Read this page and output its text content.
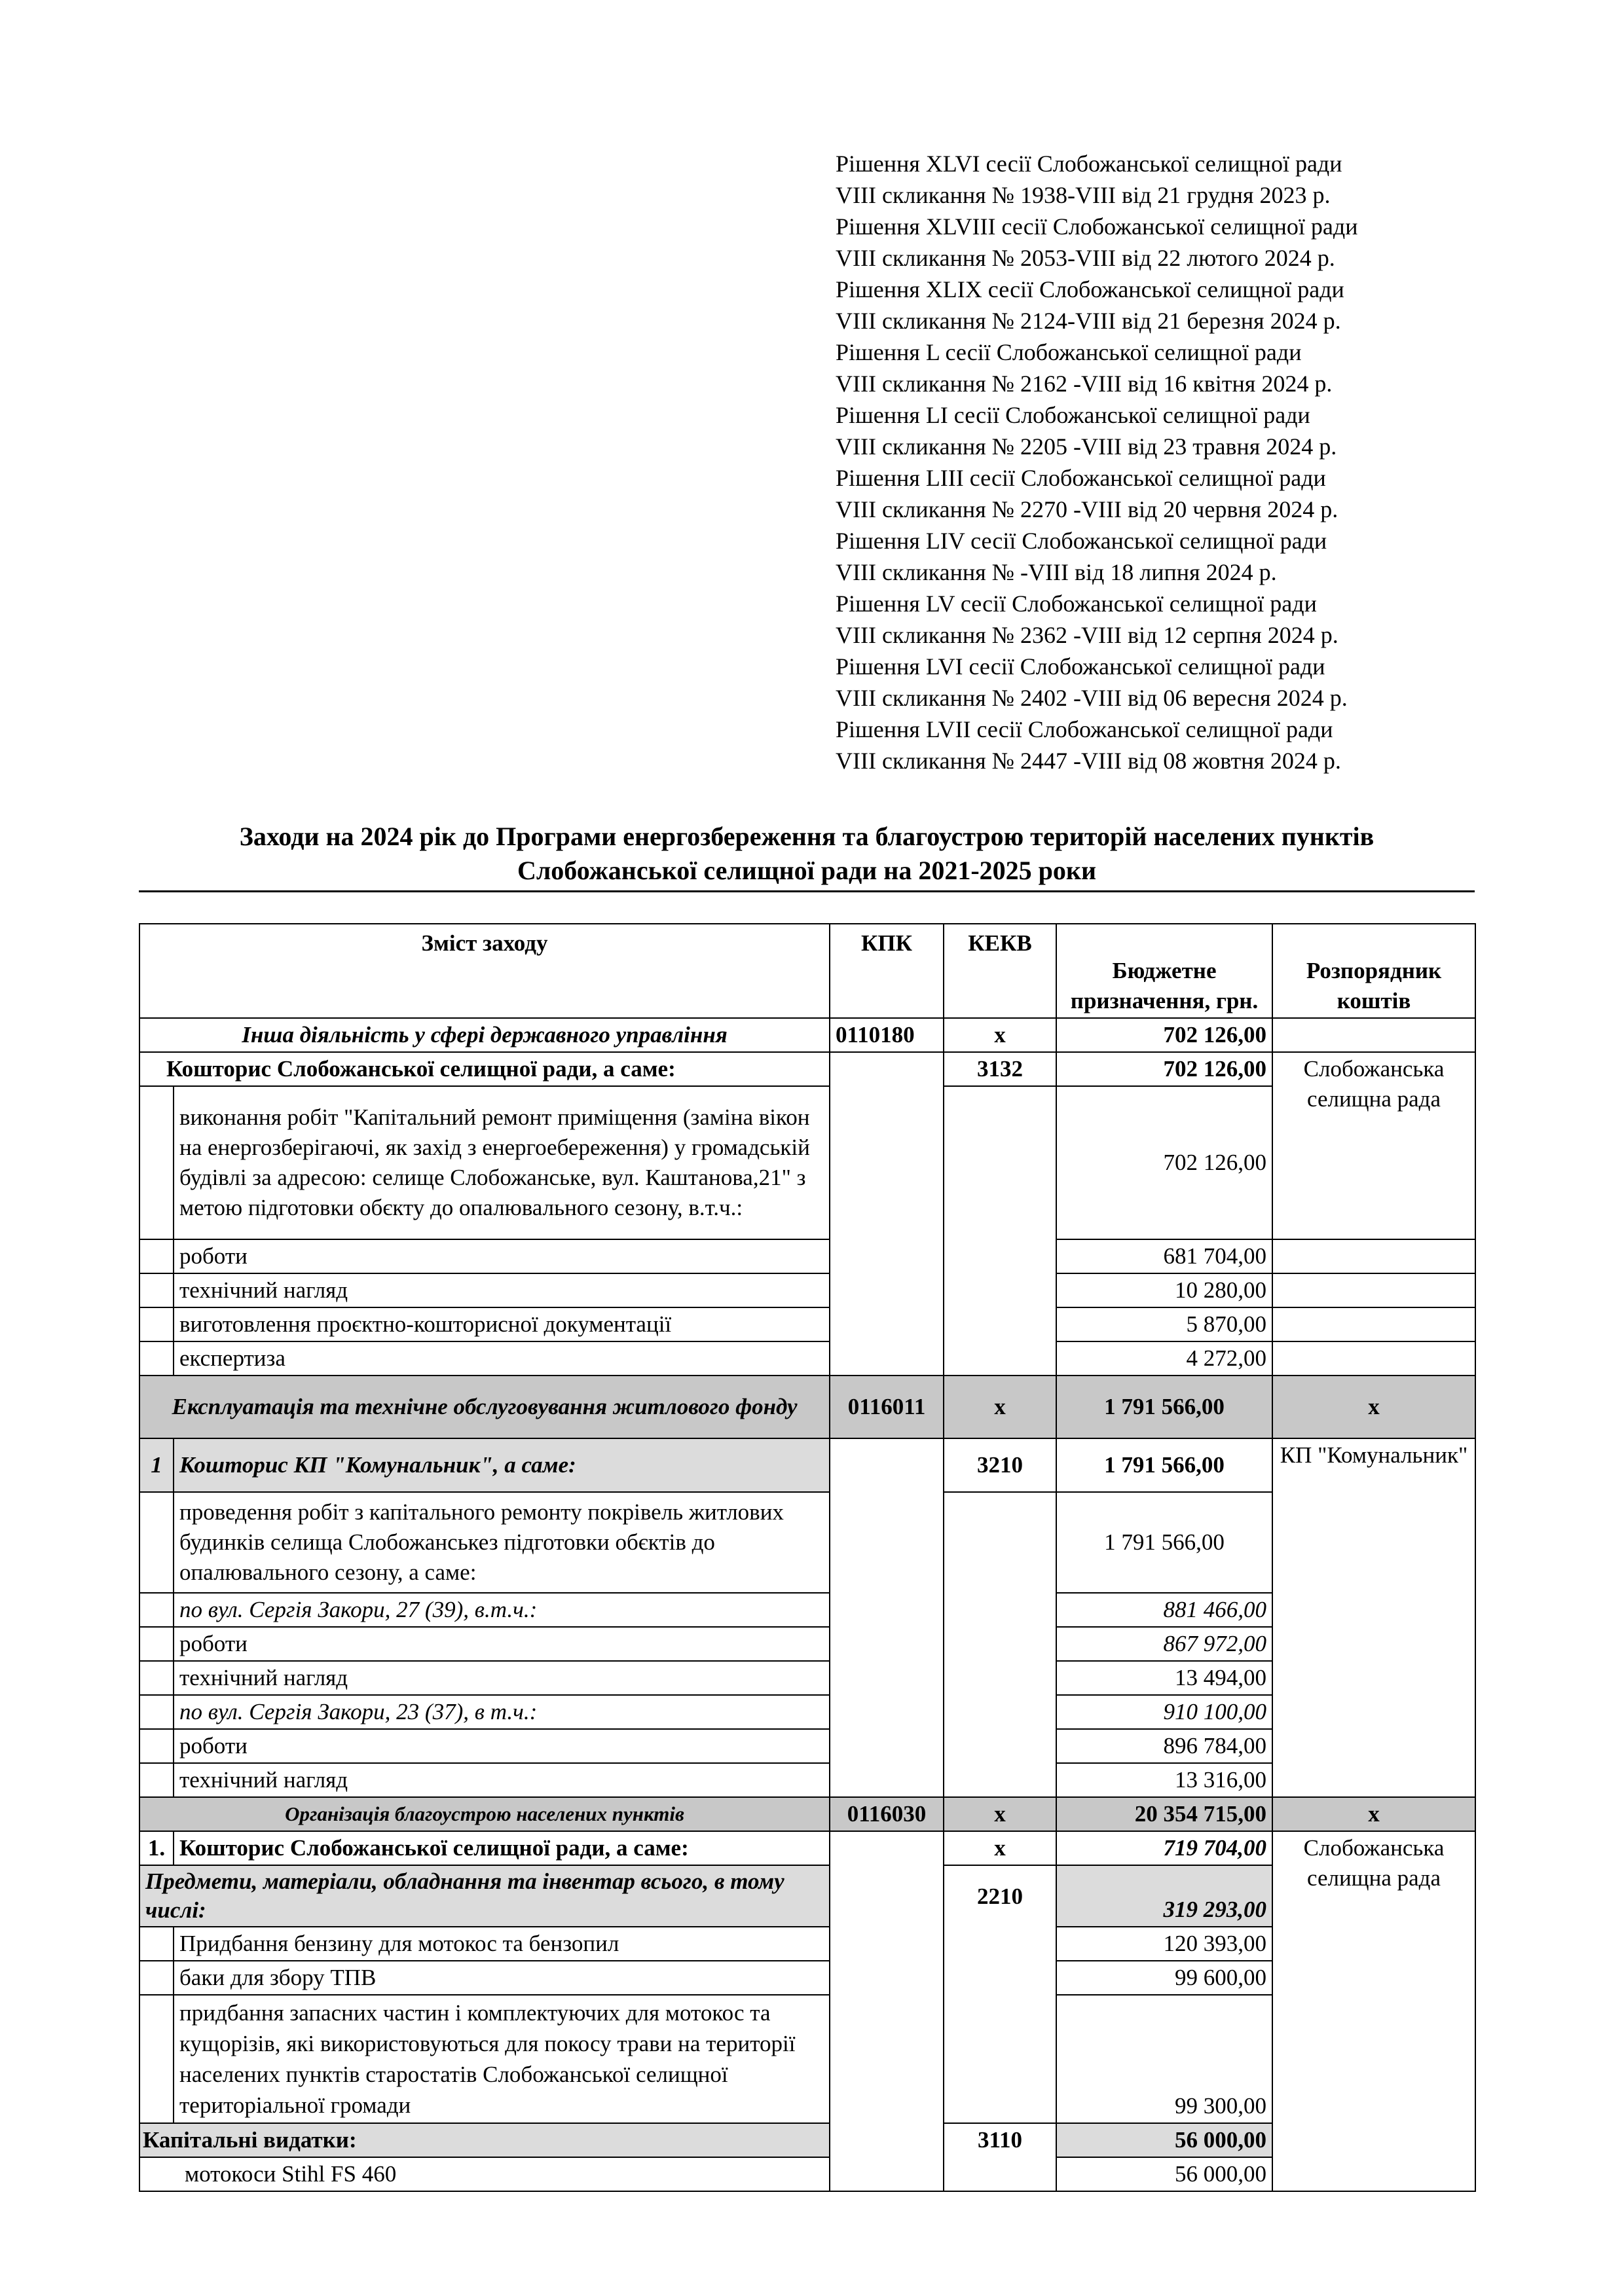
Рішення XLVI сесії Слобожанської селищної ради
VIII скликання № 1938-VIII від 21 грудня 2023 р.
Рішення XLVIII сесії Слобожанської селищної ради
VIII скликання № 2053-VIII від 22 лютого 2024 р.
Рішення XLIX сесії Слобожанської селищної ради
VIII скликання № 2124-VIII від 21 березня 2024 р.
Рішення L сесії Слобожанської селищної ради
VIII скликання № 2162 -VIII від 16 квітня 2024 р.
Рішення LI сесії Слобожанської селищної ради
VIII скликання № 2205 -VIII від 23 травня 2024 р.
Рішення LIII сесії Слобожанської селищної ради
VIII скликання № 2270 -VIII від 20 червня 2024 р.
Рішення LIV сесії Слобожанської селищної ради
VIII скликання № -VIII від 18 липня 2024 р.
Рішення LV сесії Слобожанської селищної ради
VIII скликання № 2362 -VIII від 12 серпня 2024 р.
Рішення LVI сесії Слобожанської селищної ради
VIII скликання № 2402 -VIII від 06 вересня 2024 р.
Рішення LVII сесії Слобожанської селищної ради
VIII скликання № 2447 -VIII від 08 жовтня 2024 р.
Заходи на 2024 рік до Програми енергозбереження та благоустрою територій населених пунктів
Слобожанської селищної ради на 2021-2025 роки
Зміст заходу		КПК	КЕКВ	Бюджетне призначення, грн.	Розпорядник коштів
Інша діяльність у сфері державного управління		0110180	х	702 126,00	
Кошторис Слобожанської селищної ради, а саме:			3132	702 126,00	Слобожанська селищна рада
	виконання робіт "Капітальний ремонт приміщення (заміна вікон на енергозберігаючі, як захід з енергоебереження) у громадській будівлі за адресою: селище Слобожанське, вул. Каштанова,21" з метою підготовки обєкту до опалювального сезону, в.т.ч.:			702 126,00	
	роботи			681 704,00	
	технічний нагляд			10 280,00	
	виготовлення проєктно-кошторисної документації			5 870,00	
	експертиза			4 272,00	
Експлуатація та технічне обслуговування житлового фонду		0116011	х	1 791 566,00	х
1	Кошторис КП "Комунальник", а саме:		3210	1 791 566,00	КП "Комунальник"
	проведення робіт з капітального ремонту покрівель житлових будинків селища Слобожанськез підготовки обєктів до опалювального сезону, а саме:			1 791 566,00	
	по вул. Сергія Закори, 27 (39), в.т.ч.:			881 466,00	
	роботи			867 972,00	
	технічний нагляд			13 494,00	
	по вул. Сергія Закори, 23 (37), в т.ч.:			910 100,00	
	роботи			896 784,00	
	технічний нагляд			13 316,00	
Організація благоустрою населених пунктів		0116030	х	20 354 715,00	х
1.	Кошторис Слобожанської селищної ради, а саме:		х	719 704,00	Слобожанська селищна рада
Предмети, матеріали, обладнання та інвентар всього, в тому числі:			2210	319 293,00	
	Придбання бензину для мотокос та бензопил			120 393,00	
	баки для збору ТПВ			99 600,00	
	придбання запасних частин і комплектуючих для мотокос та кущорізів, які використовуються для покосу трави на території населених пунктів старостатів Слобожанської селищної територіальної громади			99 300,00	
Капітальні видатки:			3110	56 000,00	
мотокоси Stihl FS 460				56 000,00	
